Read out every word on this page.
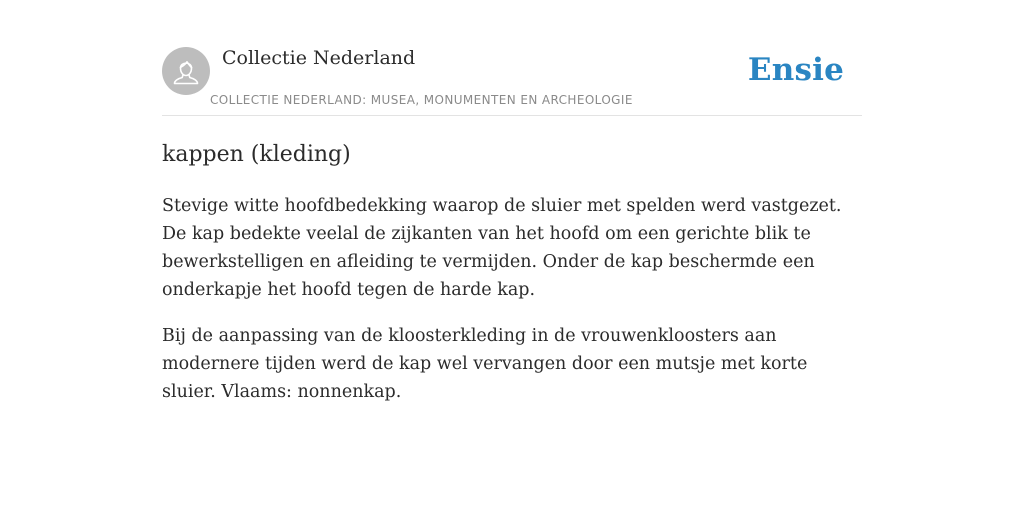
Collectie Nederland
COLLECTIE NEDERLAND: MUSEA, MONUMENTEN EN ARCHEOLOGIE
Ensie
kappen (kleding)

Stevige witte hoofdbedekking waarop de sluier met spelden werd vastgezet. De kap bedekte veelal de zijkanten van het hoofd om een gerichte blik te bewerkstelligen en afleiding te vermijden. Onder de kap beschermde een onderkapje het hoofd tegen de harde kap.

Bij de aanpassing van de kloosterkleding in de vrouwenkloosters aan modernere tijden werd de kap wel vervangen door een mutsje met korte sluier. Vlaams: nonnenkap.
